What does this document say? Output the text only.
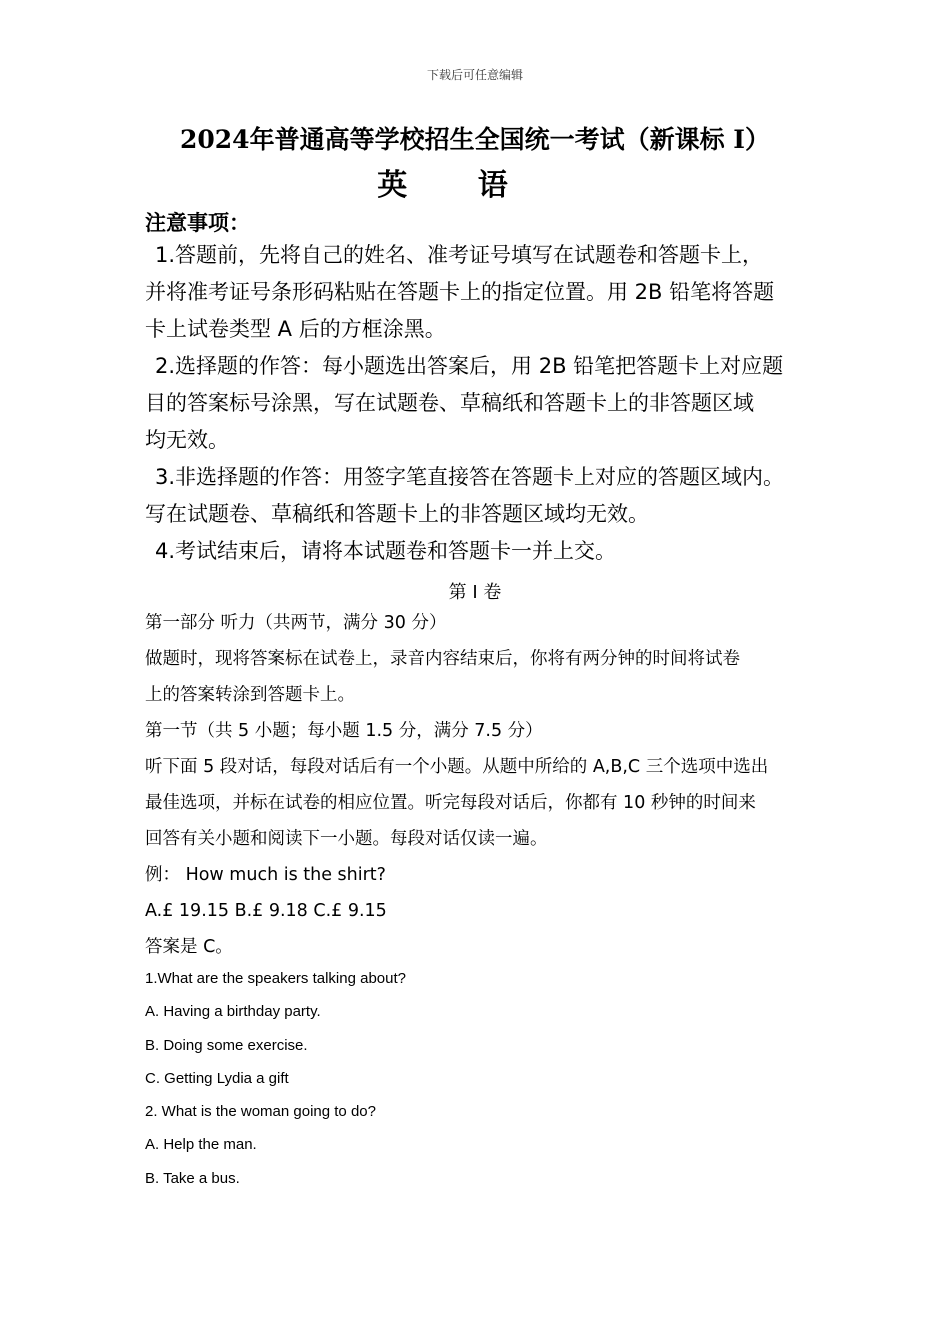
下载后可任意编辑
2024年普通高等学校招生全国统一考试（新课标 I）
英 语
注意事项：

1.答题前，先将自己的姓名、准考证号填写在试题卷和答题卡上，

并将准考证号条形码粘贴在答题卡上的指定位置。用 2B 铅笔将答题

卡上试卷类型 A 后的方框涂黑。

2.选择题的作答：每小题选出答案后，用 2B 铅笔把答题卡上对应题

目的答案标号涂黑，写在试题卷、草稿纸和答题卡上的非答题区域

均无效。

3.非选择题的作答：用签字笔直接答在答题卡上对应的答题区域内。

写在试题卷、草稿纸和答题卡上的非答题区域均无效。

4.考试结束后，请将本试题卷和答题卡一并上交。

第 I 卷

第一部分 听力（共两节，满分 30 分）

做题时，现将答案标在试卷上，录音内容结束后，你将有两分钟的时间将试卷

上的答案转涂到答题卡上。

第一节（共 5 小题；每小题 1.5 分，满分 7.5 分）

听下面 5 段对话，每段对话后有一个小题。从题中所给的 A,B,C 三个选项中选出

最佳选项，并标在试卷的相应位置。听完每段对话后，你都有 10 秒钟的时间来

回答有关小题和阅读下一小题。每段对话仅读一遍。

例： How much is the shirt?

A.£ 19.15 B.£ 9.18 C.£ 9.15

答案是 C。

1.What are the speakers talking about?

A. Having a birthday party.

B. Doing some exercise.

C. Getting Lydia a gift

2. What is the woman going to do?

A. Help the man.

B. Take a bus.
